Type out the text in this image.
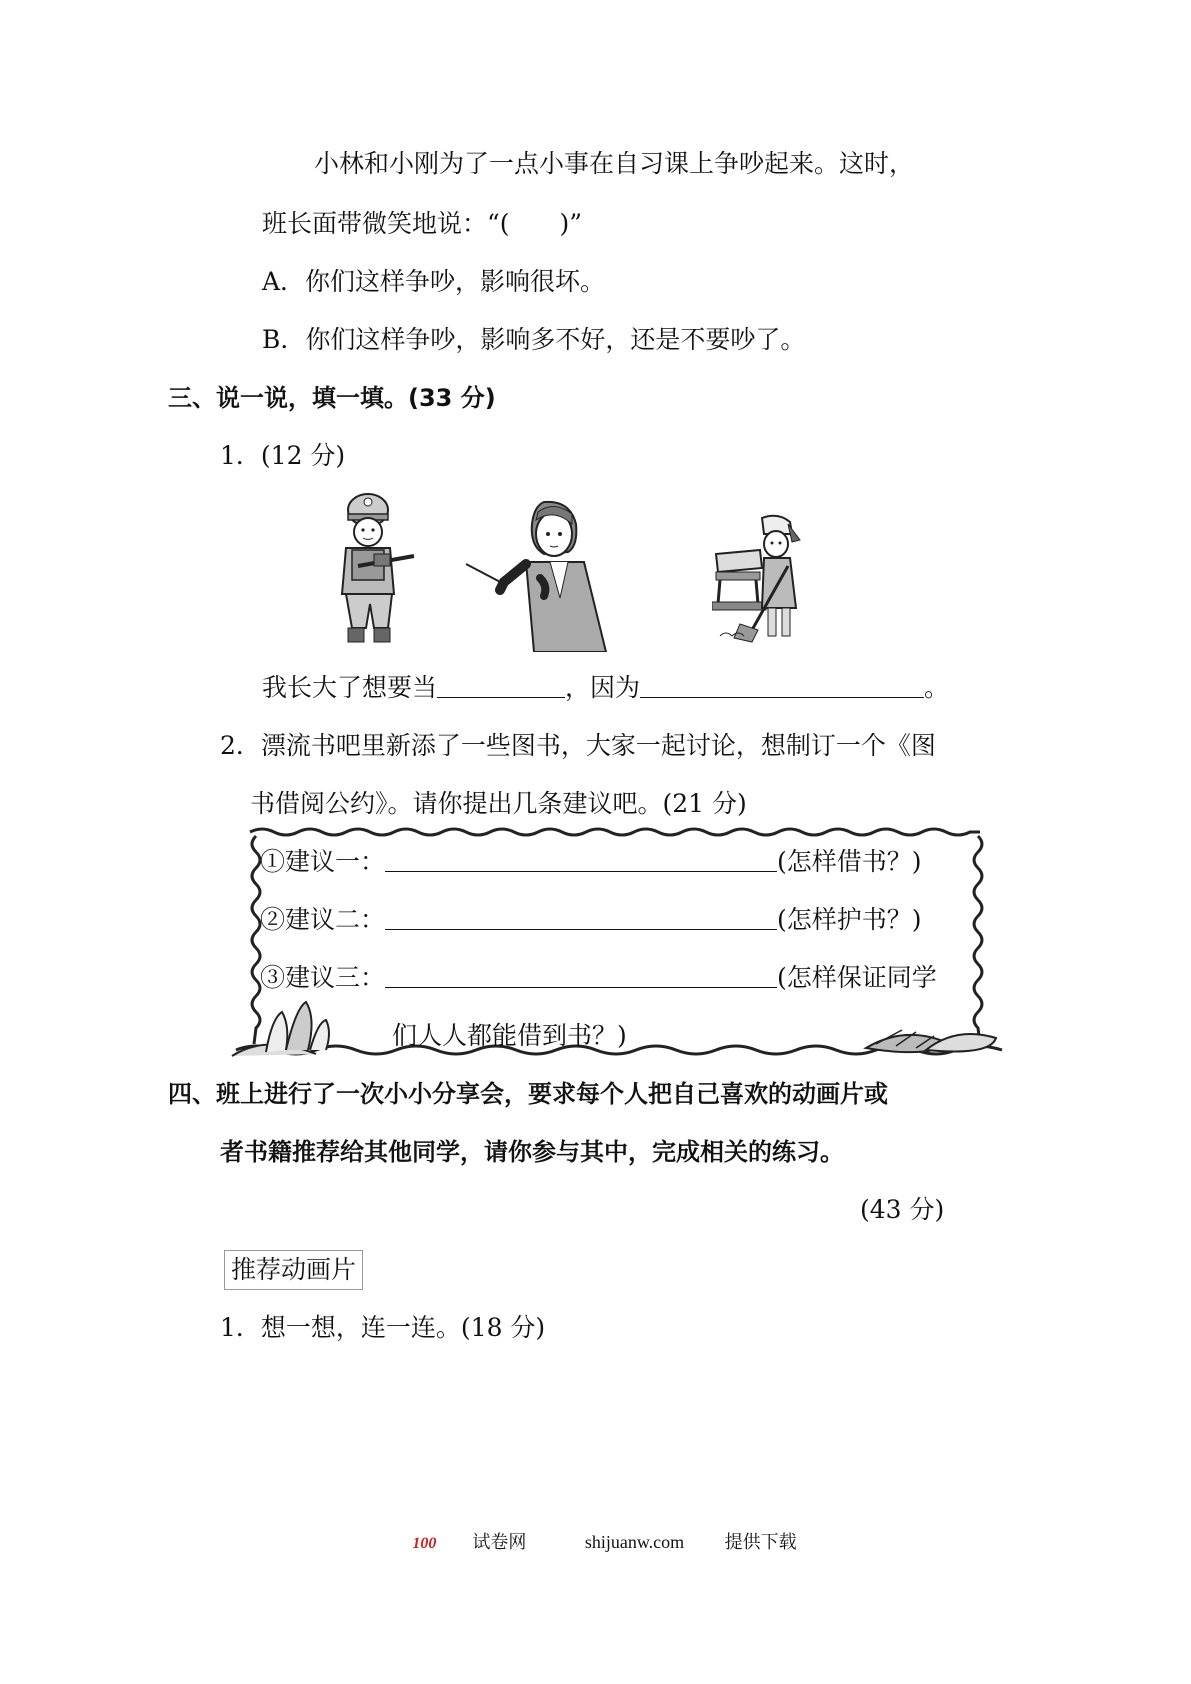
小林和小刚为了一点小事在自习课上争吵起来。这时，
班长面带微笑地说：“(　　)”
A．你们这样争吵，影响很坏。
B．你们这样争吵，影响多不好，还是不要吵了。
三、说一说，填一填。(33 分)
1．(12 分)
我长大了想要当	，因为	。
2．漂流书吧里新添了一些图书，大家一起讨论，想制订一个《图
书借阅公约》。请你提出几条建议吧。(21 分)
①建议一：	(怎样借书？)
②建议二：	(怎样护书？)
③建议三：	(怎样保证同学
们人人都能借到书？)
四、班上进行了一次小小分享会，要求每个人把自己喜欢的动画片或
者书籍推荐给其他同学，请你参与其中，完成相关的练习。
(43 分)
推荐动画片
1．想一想，连一连。(18 分)
100 试卷网	shijuanw.com 提供下载
